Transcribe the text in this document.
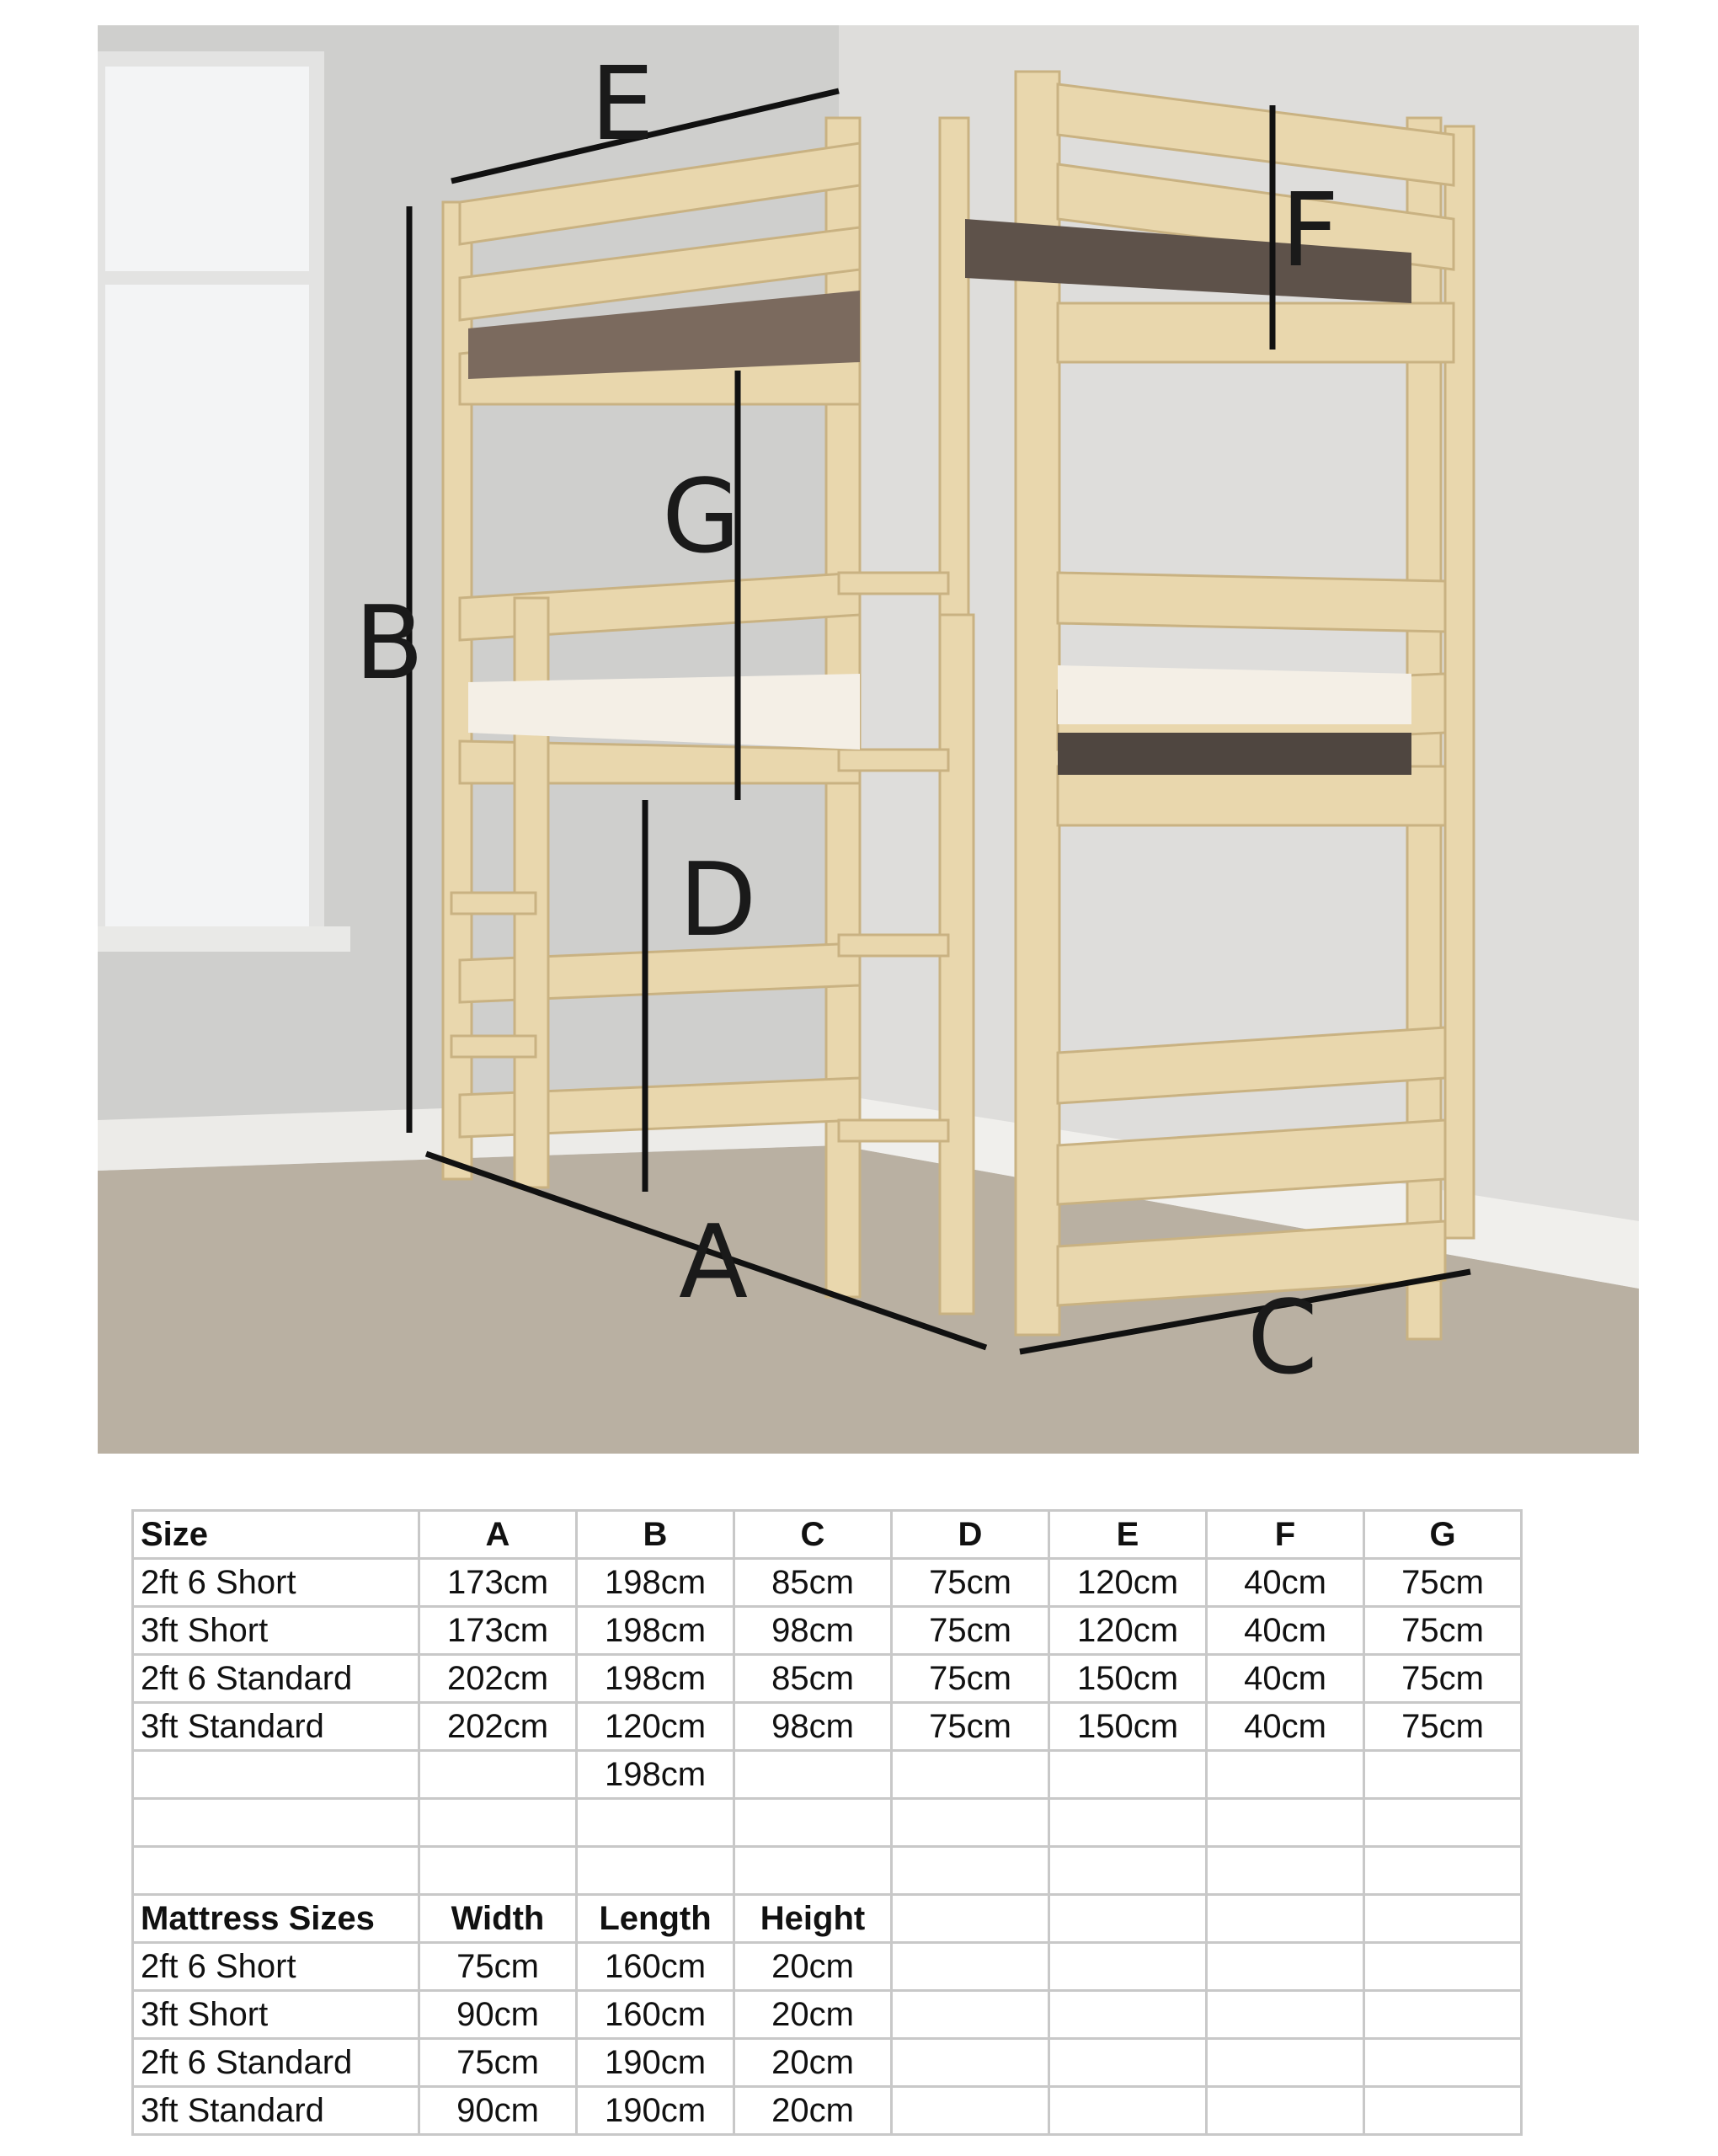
E
F
G
B
D
A
C
Size	A	B	C	D	E	F	G
2ft 6 Short	173cm	198cm	85cm	75cm	120cm	40cm	75cm
3ft Short	173cm	198cm	98cm	75cm	120cm	40cm	75cm
2ft 6 Standard	202cm	198cm	85cm	75cm	150cm	40cm	75cm
3ft Standard	202cm	120cm	98cm	75cm	150cm	40cm	75cm
		198cm					

Mattress Sizes	Width	Length	Height				
2ft 6 Short	75cm	160cm	20cm				
3ft Short	90cm	160cm	20cm				
2ft 6 Standard	75cm	190cm	20cm				
3ft Standard	90cm	190cm	20cm				
